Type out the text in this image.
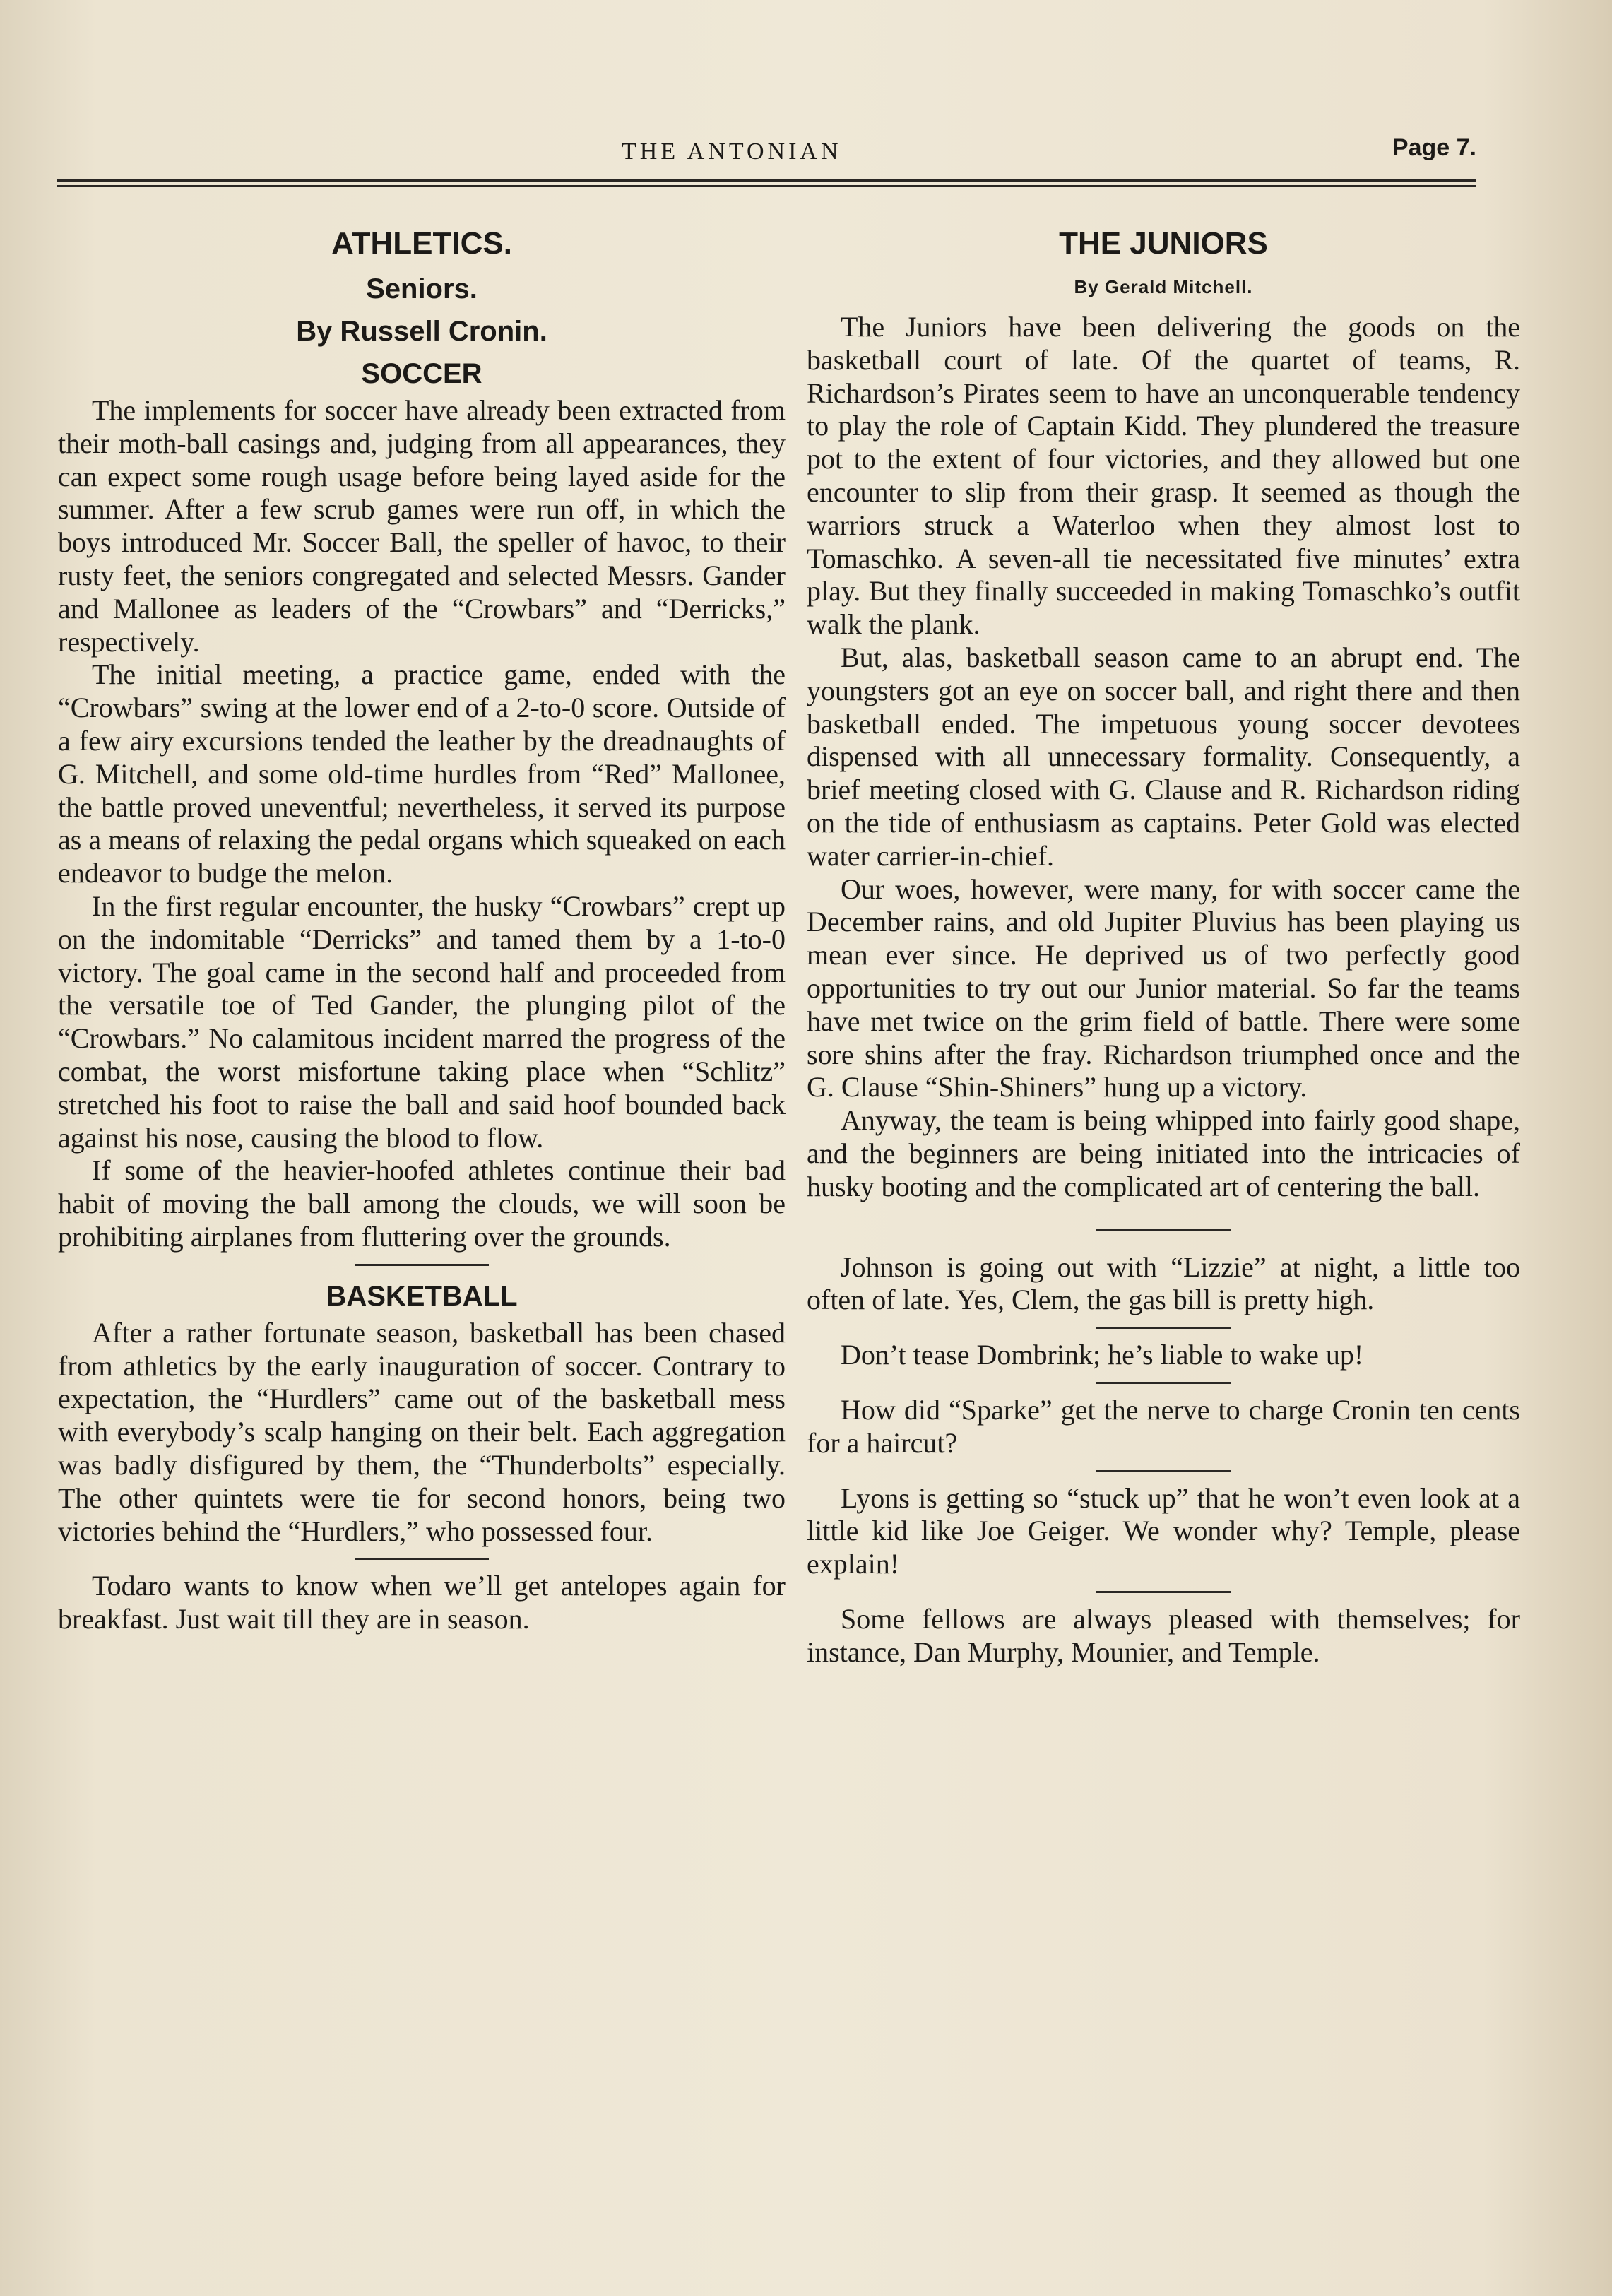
THE ANTONIAN	Page 7.
ATHLETICS.
Seniors.
By Russell Cronin.
SOCCER

The implements for soccer have already been extracted from their moth-ball casings and, judging from all appearances, they can expect some rough usage before being layed aside for the summer. After a few scrub games were run off, in which the boys introduced Mr. Soccer Ball, the speller of havoc, to their rusty feet, the seniors congregated and selected Messrs. Gander and Mallonee as leaders of the “Crowbars” and “Derricks,” respectively.

The initial meeting, a practice game, ended with the “Crowbars” swing at the lower end of a 2-to-0 score. Outside of a few airy excursions tended the leather by the dreadnaughts of G. Mitchell, and some old-time hurdles from “Red” Mallonee, the battle proved uneventful; nevertheless, it served its purpose as a means of relaxing the pedal organs which squeaked on each endeavor to budge the melon.

In the first regular encounter, the husky “Crowbars” crept up on the indomitable “Derricks” and tamed them by a 1-to-0 victory. The goal came in the second half and proceeded from the versatile toe of Ted Gander, the plunging pilot of the “Crowbars.” No calamitous incident marred the progress of the combat, the worst misfortune taking place when “Schlitz” stretched his foot to raise the ball and said hoof bounded back against his nose, causing the blood to flow.

If some of the heavier-hoofed athletes continue their bad habit of moving the ball among the clouds, we will soon be prohibiting airplanes from fluttering over the grounds.

BASKETBALL

After a rather fortunate season, basketball has been chased from athletics by the early inauguration of soccer. Contrary to expectation, the “Hurdlers” came out of the basketball mess with everybody’s scalp hanging on their belt. Each aggregation was badly disfigured by them, the “Thunderbolts” especially. The other quintets were tie for second honors, being two victories behind the “Hurdlers,” who possessed four.

Todaro wants to know when we’ll get antelopes again for breakfast. Just wait till they are in season.

THE JUNIORS
By Gerald Mitchell.

The Juniors have been delivering the goods on the basketball court of late. Of the quartet of teams, R. Richardson’s Pirates seem to have an unconquerable tendency to play the role of Captain Kidd. They plundered the treasure pot to the extent of four victories, and they allowed but one encounter to slip from their grasp. It seemed as though the warriors struck a Waterloo when they almost lost to Tomaschko. A seven-all tie necessitated five minutes’ extra play. But they finally succeeded in making Tomaschko’s outfit walk the plank.

But, alas, basketball season came to an abrupt end. The youngsters got an eye on soccer ball, and right there and then basketball ended. The impetuous young soccer devotees dispensed with all unnecessary formality. Consequently, a brief meeting closed with G. Clause and R. Richardson riding on the tide of enthusiasm as captains. Peter Gold was elected water carrier-in-chief.

Our woes, however, were many, for with soccer came the December rains, and old Jupiter Pluvius has been playing us mean ever since. He deprived us of two perfectly good opportunities to try out our Junior material. So far the teams have met twice on the grim field of battle. There were some sore shins after the fray. Richardson triumphed once and the G. Clause “Shin-Shiners” hung up a victory.

Anyway, the team is being whipped into fairly good shape, and the beginners are being initiated into the intricacies of husky booting and the complicated art of centering the ball.

Johnson is going out with “Lizzie” at night, a little too often of late. Yes, Clem, the gas bill is pretty high.

Don’t tease Dombrink; he’s liable to wake up!

How did “Sparke” get the nerve to charge Cronin ten cents for a haircut?

Lyons is getting so “stuck up” that he won’t even look at a little kid like Joe Geiger. We wonder why? Temple, please explain!

Some fellows are always pleased with themselves; for instance, Dan Murphy, Mounier, and Temple.
